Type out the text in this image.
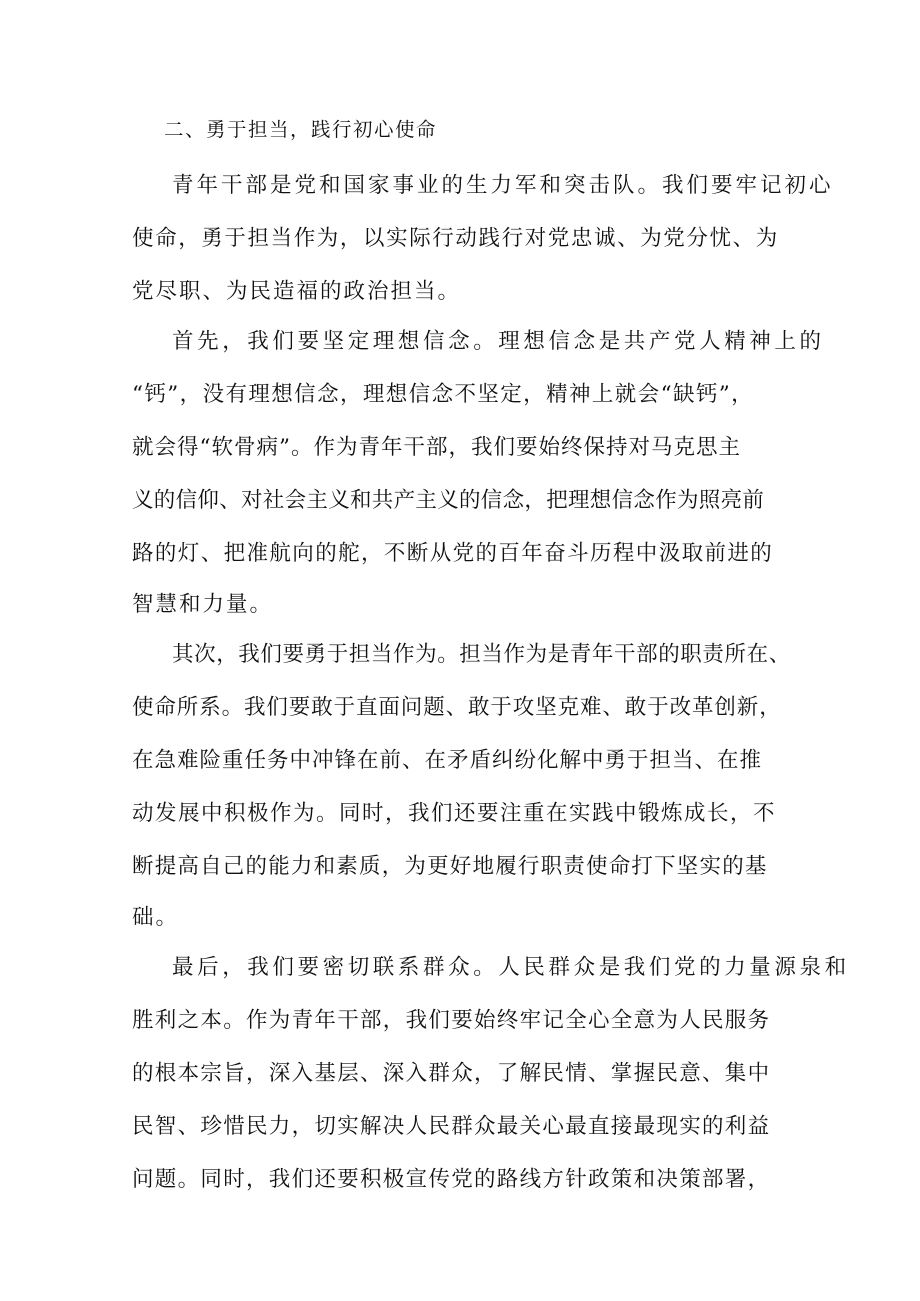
二、勇于担当，践行初心使命

青年干部是党和国家事业的生力军和突击队。我们要牢记初心

使命，勇于担当作为，以实际行动践行对党忠诚、为党分忧、为

党尽职、为民造福的政治担当。

首先，我们要坚定理想信念。理想信念是共产党人精神上的

“钙”，没有理想信念，理想信念不坚定，精神上就会“缺钙”，

就会得“软骨病”。作为青年干部，我们要始终保持对马克思主

义的信仰、对社会主义和共产主义的信念，把理想信念作为照亮前

路的灯、把准航向的舵，不断从党的百年奋斗历程中汲取前进的

智慧和力量。

其次，我们要勇于担当作为。担当作为是青年干部的职责所在、

使命所系。我们要敢于直面问题、敢于攻坚克难、敢于改革创新，

在急难险重任务中冲锋在前、在矛盾纠纷化解中勇于担当、在推

动发展中积极作为。同时，我们还要注重在实践中锻炼成长，不

断提高自己的能力和素质，为更好地履行职责使命打下坚实的基

础。

最后，我们要密切联系群众。人民群众是我们党的力量源泉和

胜利之本。作为青年干部，我们要始终牢记全心全意为人民服务

的根本宗旨，深入基层、深入群众，了解民情、掌握民意、集中

民智、珍惜民力，切实解决人民群众最关心最直接最现实的利益

问题。同时，我们还要积极宣传党的路线方针政策和决策部署，
